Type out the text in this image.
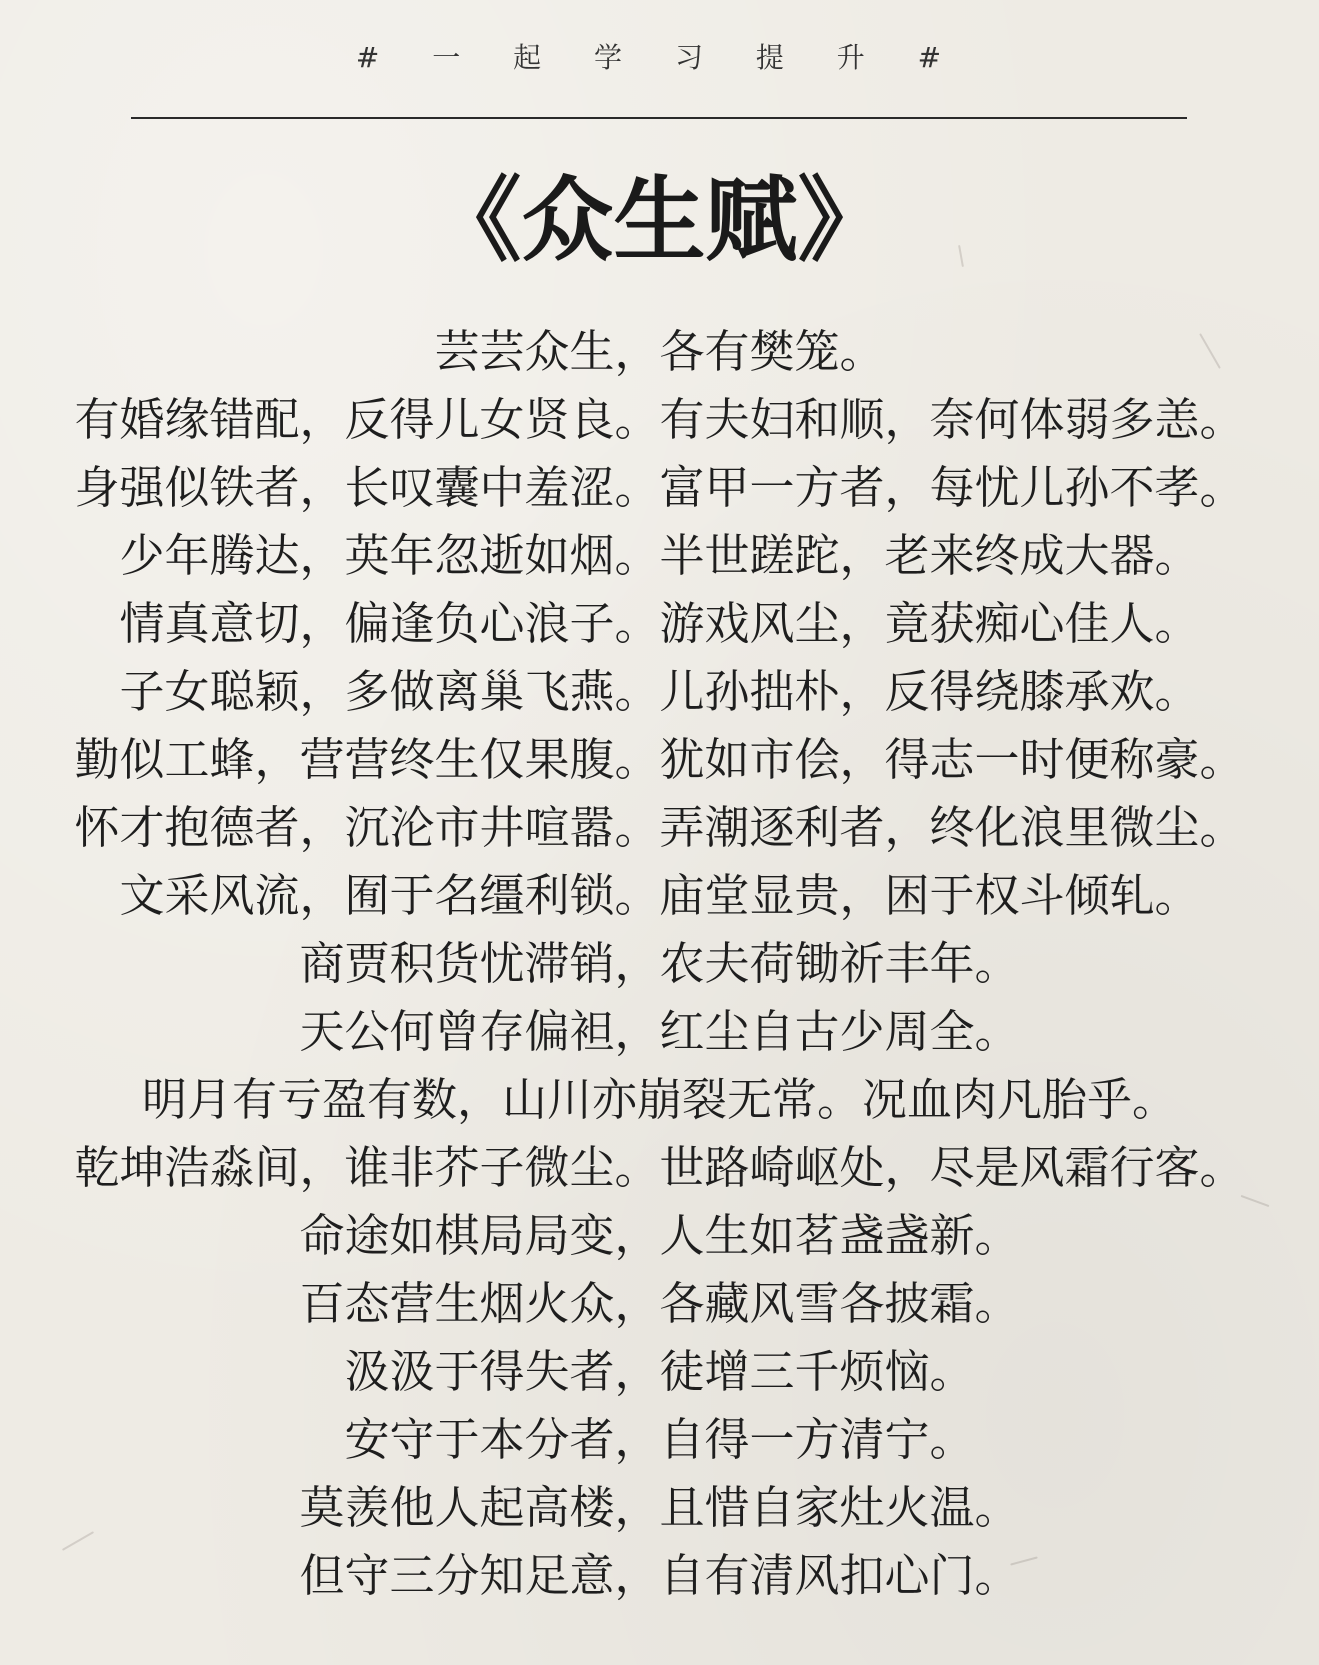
# 一 起 学 习 提 升 #
《众生赋》
芸芸众生，各有樊笼。
有婚缘错配，反得儿女贤良。有夫妇和顺，奈何体弱多恙。
身强似铁者，长叹囊中羞涩。富甲一方者，每忧儿孙不孝。
少年腾达，英年忽逝如烟。半世蹉跎，老来终成大器。
情真意切，偏逢负心浪子。游戏风尘，竟获痴心佳人。
子女聪颖，多做离巢飞燕。儿孙拙朴，反得绕膝承欢。
勤似工蜂，营营终生仅果腹。犹如市侩，得志一时便称豪。
怀才抱德者，沉沦市井喧嚣。弄潮逐利者，终化浪里微尘。
文采风流，囿于名缰利锁。庙堂显贵，困于权斗倾轧。
商贾积货忧滞销，农夫荷锄祈丰年。
天公何曾存偏袒，红尘自古少周全。
明月有亏盈有数，山川亦崩裂无常。况血肉凡胎乎。
乾坤浩淼间，谁非芥子微尘。世路崎岖处，尽是风霜行客。
命途如棋局局变，人生如茗盏盏新。
百态营生烟火众，各藏风雪各披霜。
汲汲于得失者，徒增三千烦恼。
安守于本分者，自得一方清宁。
莫羡他人起高楼，且惜自家灶火温。
但守三分知足意，自有清风扣心门。
